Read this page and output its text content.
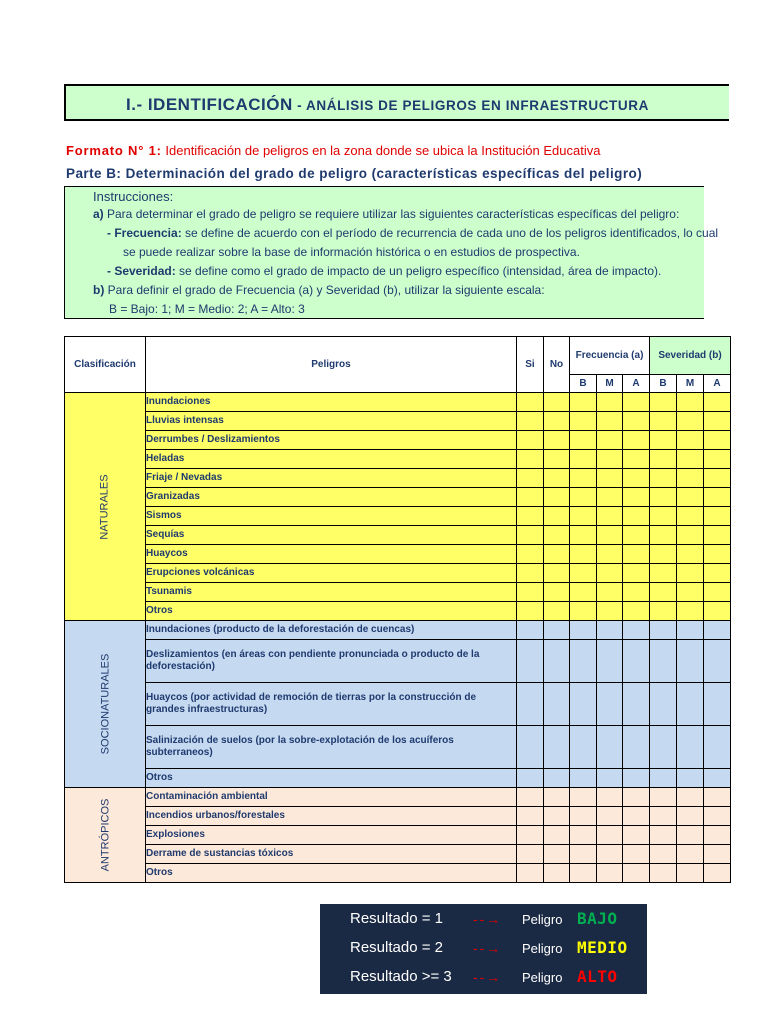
I.- IDENTIFICACIÓN - ANÁLISIS DE PELIGROS EN INFRAESTRUCTURA
Formato N° 1: Identificación de peligros en la zona donde se ubica la Institución Educativa
Parte B: Determinación del grado de peligro (características específicas del peligro)
Instrucciones:
a) Para determinar el grado de peligro se requiere utilizar las siguientes características específicas del peligro:
- Frecuencia: se define de acuerdo con el período de recurrencia de cada uno de los peligros identificados, lo cual
se puede realizar sobre la base de información histórica o en estudios de prospectiva.
- Severidad: se define como el grado de impacto de un peligro específico (intensidad, área de impacto).
b) Para definir el grado de Frecuencia (a) y Severidad (b), utilizar la siguiente escala:
B = Bajo: 1; M = Medio: 2; A = Alto: 3
Clasificación	Peligros	Si	No	Frecuencia (a)			Severidad (b)		
				B	M	A	B	M	A

NATURALES	Inundaciones								
	Lluvias intensas								
	Derrumbes / Deslizamientos								
	Heladas								
	Friaje / Nevadas								
	Granizadas								
	Sismos								
	Sequías								
	Huaycos								
	Erupciones volcánicas								
	Tsunamis								
	Otros								

SOCIONATURALES	Inundaciones (producto de la deforestación de cuencas)								
	Deslizamientos (en áreas con pendiente pronunciada o producto de la deforestación)								
	Huaycos (por actividad de remoción de tierras por la construcción de grandes infraestructuras)								
	Salinización de suelos (por la sobre-explotación de los acuíferos subterraneos)								
	Otros								

ANTRÓPICOS	Contaminación ambiental								
	Incendios urbanos/forestales								
	Explosiones								
	Derrame de sustancias tóxicos								
	Otros								
Resultado = 1 - - → Peligro BAJO
Resultado = 2 - - → Peligro MEDIO
Resultado >= 3 - - → Peligro ALTO
